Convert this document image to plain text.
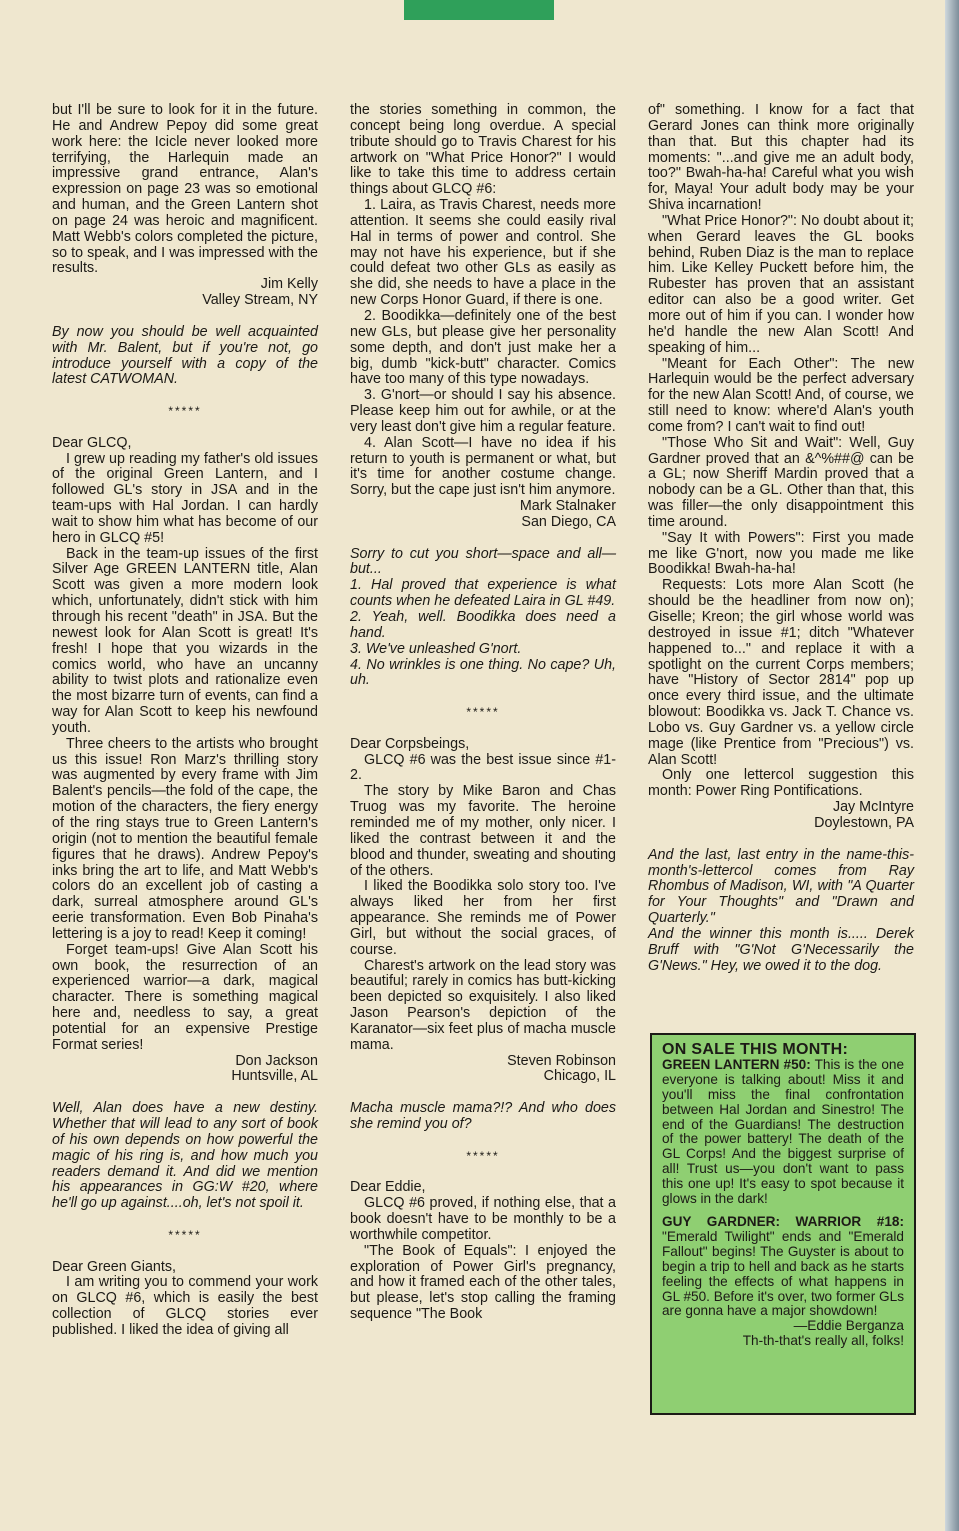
but I'll be sure to look for it in the future. He and Andrew Pepoy did some great work here: the Icicle never looked more terrifying, the Harlequin made an impressive grand entrance, Alan's expression on page 23 was so emotional and human, and the Green Lantern shot on page 24 was heroic and magnificent. Matt Webb's colors completed the picture, so to speak, and I was impressed with the results.

Jim Kelly

Valley Stream, NY

By now you should be well acquainted with Mr. Balent, but if you're not, go introduce yourself with a copy of the latest CATWOMAN.

*****

Dear GLCQ,

I grew up reading my father's old issues of the original Green Lantern, and I followed GL's story in JSA and in the team-ups with Hal Jordan. I can hardly wait to show him what has become of our hero in GLCQ #5!

Back in the team-up issues of the first Silver Age GREEN LANTERN title, Alan Scott was given a more modern look which, unfortunately, didn't stick with him through his recent "death" in JSA. But the newest look for Alan Scott is great! It's fresh! I hope that you wizards in the comics world, who have an uncanny ability to twist plots and rationalize even the most bizarre turn of events, can find a way for Alan Scott to keep his newfound youth.

Three cheers to the artists who brought us this issue! Ron Marz's thrilling story was augmented by every frame with Jim Balent's pencils—the fold of the cape, the motion of the characters, the fiery energy of the ring stays true to Green Lantern's origin (not to mention the beautiful female figures that he draws). Andrew Pepoy's inks bring the art to life, and Matt Webb's colors do an excellent job of casting a dark, surreal atmosphere around GL's eerie transformation. Even Bob Pinaha's lettering is a joy to read! Keep it coming!

Forget team-ups! Give Alan Scott his own book, the resurrection of an experienced warrior—a dark, magical character. There is something magical here and, needless to say, a great potential for an expensive Prestige Format series!

Don Jackson

Huntsville, AL

Well, Alan does have a new destiny. Whether that will lead to any sort of book of his own depends on how powerful the magic of his ring is, and how much you readers demand it. And did we mention his appearances in GG:W #20, where he'll go up against....oh, let's not spoil it.

*****

Dear Green Giants,

I am writing you to commend your work on GLCQ #6, which is easily the best collection of GLCQ stories ever published. I liked the idea of giving all

the stories something in common, the concept being long overdue. A special tribute should go to Travis Charest for his artwork on "What Price Honor?" I would like to take this time to address certain things about GLCQ #6:

1. Laira, as Travis Charest, needs more attention. It seems she could easily rival Hal in terms of power and control. She may not have his experience, but if she could defeat two other GLs as easily as she did, she needs to have a place in the new Corps Honor Guard, if there is one.

2. Boodikka—definitely one of the best new GLs, but please give her personality some depth, and don't just make her a big, dumb "kick-butt" character. Comics have too many of this type nowadays.

3. G'nort—or should I say his absence. Please keep him out for awhile, or at the very least don't give him a regular feature.

4. Alan Scott—I have no idea if his return to youth is permanent or what, but it's time for another costume change. Sorry, but the cape just isn't him anymore.

Mark Stalnaker

San Diego, CA

Sorry to cut you short—space and all—but...

1. Hal proved that experience is what counts when he defeated Laira in GL #49.

2. Yeah, well. Boodikka does need a hand.

3. We've unleashed G'nort.

4. No wrinkles is one thing. No cape? Uh, uh.

*****

Dear Corpsbeings,

GLCQ #6 was the best issue since #1-2.

The story by Mike Baron and Chas Truog was my favorite. The heroine reminded me of my mother, only nicer. I liked the contrast between it and the blood and thunder, sweating and shouting of the others.

I liked the Boodikka solo story too. I've always liked her from her first appearance. She reminds me of Power Girl, but without the social graces, of course.

Charest's artwork on the lead story was beautiful; rarely in comics has butt-kicking been depicted so exquisitely. I also liked Jason Pearson's depiction of the Karanator—six feet plus of macha muscle mama.

Steven Robinson

Chicago, IL

Macha muscle mama?!? And who does she remind you of?

*****

Dear Eddie,

GLCQ #6 proved, if nothing else, that a book doesn't have to be monthly to be a worthwhile competitor.

"The Book of Equals": I enjoyed the exploration of Power Girl's pregnancy, and how it framed each of the other tales, but please, let's stop calling the framing sequence "The Book

of" something. I know for a fact that Gerard Jones can think more originally than that. But this chapter had its moments: "...and give me an adult body, too?" Bwah-ha-ha! Careful what you wish for, Maya! Your adult body may be your Shiva incarnation!

"What Price Honor?": No doubt about it; when Gerard leaves the GL books behind, Ruben Diaz is the man to replace him. Like Kelley Puckett before him, the Rubester has proven that an assistant editor can also be a good writer. Get more out of him if you can. I wonder how he'd handle the new Alan Scott! And speaking of him...

"Meant for Each Other": The new Harlequin would be the perfect adversary for the new Alan Scott! And, of course, we still need to know: where'd Alan's youth come from? I can't wait to find out!

"Those Who Sit and Wait": Well, Guy Gardner proved that an &^%##@ can be a GL; now Sheriff Mardin proved that a nobody can be a GL. Other than that, this was filler—the only disappointment this time around.

"Say It with Powers": First you made me like G'nort, now you made me like Boodikka! Bwah-ha-ha!

Requests: Lots more Alan Scott (he should be the headliner from now on); Giselle; Kreon; the girl whose world was destroyed in issue #1; ditch "Whatever happened to..." and replace it with a spotlight on the current Corps members; have "History of Sector 2814" pop up once every third issue, and the ultimate blowout: Boodikka vs. Jack T. Chance vs. Lobo vs. Guy Gardner vs. a yellow circle mage (like Prentice from "Precious") vs. Alan Scott!

Only one lettercol suggestion this month: Power Ring Pontifications.

Jay McIntyre

Doylestown, PA

And the last, last entry in the name-this-month's-lettercol comes from Ray Rhombus of Madison, WI, with "A Quarter for Your Thoughts" and "Drawn and Quarterly."

And the winner this month is..... Derek Bruff with "G'Not G'Necessarily the G'News." Hey, we owed it to the dog.

ON SALE THIS MONTH:

GREEN LANTERN #50: This is the one everyone is talking about! Miss it and you'll miss the final confrontation between Hal Jordan and Sinestro! The end of the Guardians! The destruction of the power battery! The death of the GL Corps! And the biggest surprise of all! Trust us—you don't want to pass this one up! It's easy to spot because it glows in the dark!

GUY GARDNER: WARRIOR #18: "Emerald Twilight" ends and "Emerald Fallout" begins! The Guyster is about to begin a trip to hell and back as he starts feeling the effects of what happens in GL #50. Before it's over, two former GLs are gonna have a major showdown!

—Eddie Berganza

Th-th-that's really all, folks!
